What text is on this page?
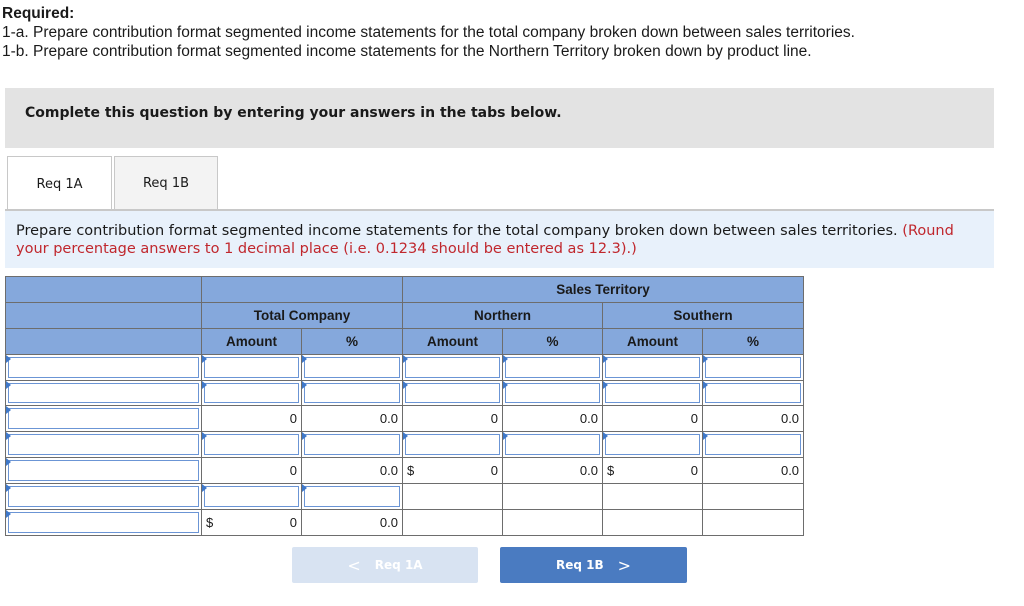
Required:
1-a. Prepare contribution format segmented income statements for the total company broken down between sales territories.
1-b. Prepare contribution format segmented income statements for the Northern Territory broken down by product line.
Complete this question by entering your answers in the tabs below.
Req 1A	Req 1B
Prepare contribution format segmented income statements for the total company broken down between sales territories. (Round your percentage answers to 1 decimal place (i.e. 0.1234 should be entered as 12.3).)
			Sales Territory			
	Total Company		Northern		Southern	
	Amount	%	Amount	%	Amount	%

	0	0.0	0	0.0	0	0.0

	0	0.0	$ 0	0.0	$ 0	0.0

	$ 0	0.0				
< Req 1A	Req 1B >
